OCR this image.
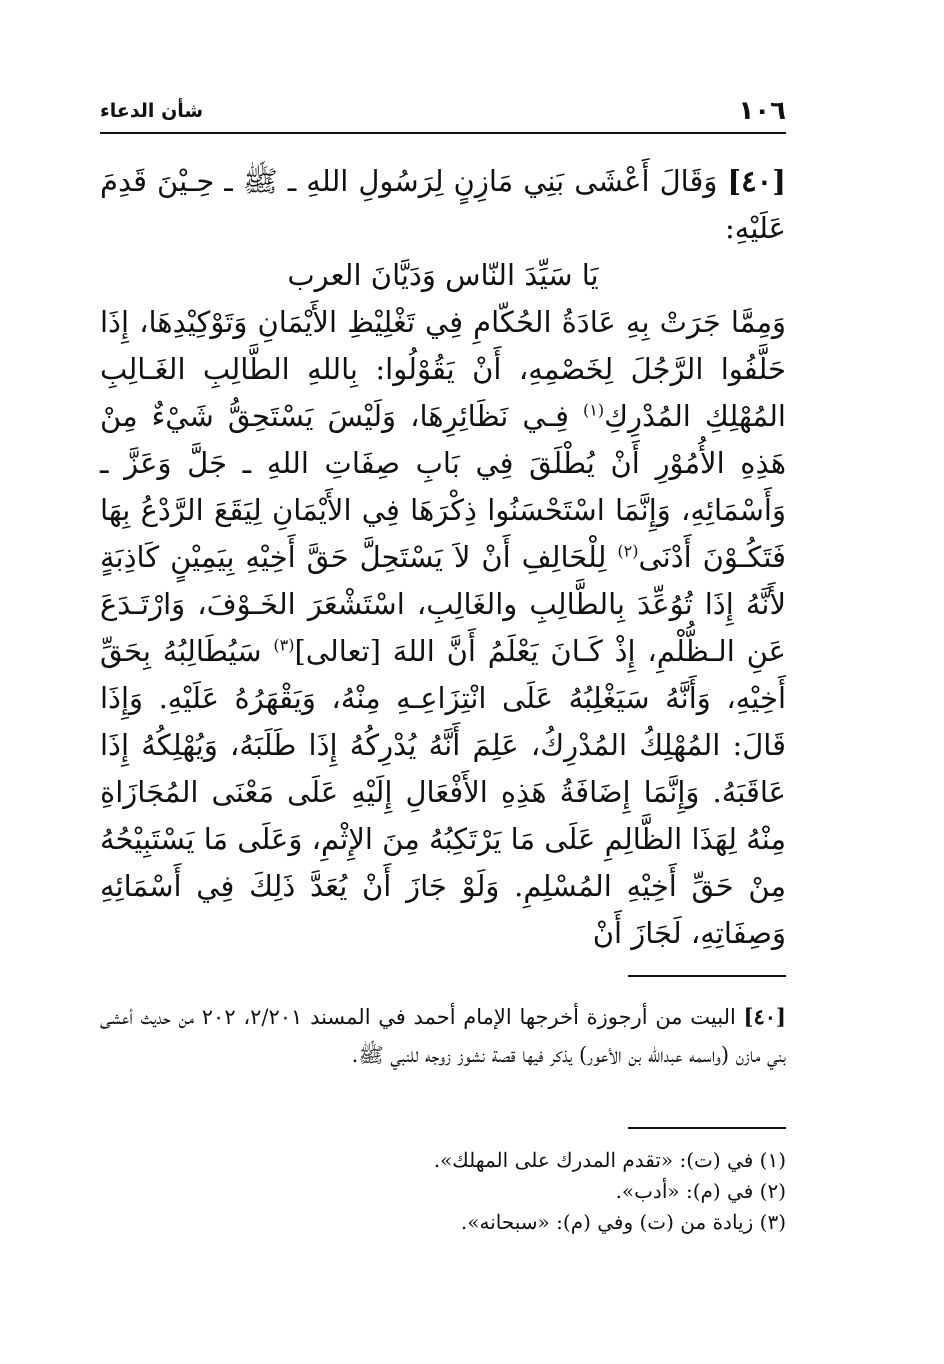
١٠٦
شأن الدعاء

[٤٠] وَقَالَ أَعْشَى بَنِي مَازِنٍ لِرَسُولِ اللهِ ـ ﷺ ـ حِـيْنَ قَدِمَ عَلَيْهِ:

يَا سَيِّدَ النّاس وَدَيَّانَ العرب

وَمِمَّا جَرَتْ بِهِ عَادَةُ الحُكّامِ فِي تَغْلِيْظِ الأَيْمَانِ وَتَوْكِيْدِهَا، إِذَا حَلَّفُوا الرَّجُلَ لِخَصْمِهِ، أَنْ يَقُوْلُوا: بِاللهِ الطَّالِبِ الغَـالِبِ المُهْلِكِ المُدْرِكِ$^{(١)}$ فِـي نَظَائِرِهَا، وَلَيْسَ يَسْتَحِقُّ شَيْءٌ مِنْ هَذِهِ الأُمُوْرِ أَنْ يُطْلَقَ فِي بَابِ صِفَاتِ اللهِ ـ جَلَّ وَعَزَّ ـ وَأَسْمَائِهِ، وَإِنَّمَا اسْتَحْسَنُوا ذِكْرَهَا فِي الأَيْمَانِ لِيَقَعَ الرَّدْعُ بِهَا فَتَكُـوْنَ أَدْنَى$^{(٢)}$ لِلْحَالِفِ أَنْ لاَ يَسْتَحِلَّ حَقَّ أَخِيْهِ بِيَمِيْنٍ كَاذِبَةٍ لأَنَّهُ إِذَا تُوُعِّدَ بِالطَّالِبِ والغَالِبِ، اسْتَشْعَرَ الخَـوْفَ، وَارْتَـدَعَ عَنِ الـظُّلْمِ، إِذْ كَـانَ يَعْلَمُ أَنَّ اللهَ [تعالى]$^{(٣)}$ سَيُطَالِبُهُ بِحَقِّ أَخِيْهِ، وَأَنَّهُ سَيَغْلِبُهُ عَلَى انْتِزَاعِـهِ مِنْهُ، وَيَقْهَرُهُ عَلَيْهِ. وَإِذَا قَالَ: المُهْلِكُ المُدْرِكُ، عَلِمَ أَنَّهُ يُدْرِكُهُ إِذَا طَلَبَهُ، وَيُهْلِكُهُ إِذَا عَاقَبَهُ. وَإِنَّمَا إِضَافَةُ هَذِهِ الأَفْعَالِ إِلَيْهِ عَلَى مَعْنَى المُجَازَاةِ مِنْهُ لِهَذَا الظَّالِمِ عَلَى مَا يَرْتَكِبُهُ مِنَ الإِثْمِ، وَعَلَى مَا يَسْتَبِيْحُهُ مِنْ حَقِّ أَخِيْهِ المُسْلِمِ. وَلَوْ جَازَ أَنْ يُعَدَّ ذَلِكَ فِي أَسْمَائِهِ وَصِفَاتِهِ، لَجَازَ أَنْ

[٤٠] البيت من أرجوزة أخرجها الإمام أحمد في المسند ٢/٢٠١، ٢٠٢ من حديث أعشى بني مازن (واسمه عبدالله بن الأعور) يذكر فيها قصة نشوز زوجه للنبي ﷺ.

(١) في (ت): «تقدم المدرك على المهلك».
(٢) في (م): «أدب».
(٣) زيادة من (ت) وفي (م): «سبحانه».
